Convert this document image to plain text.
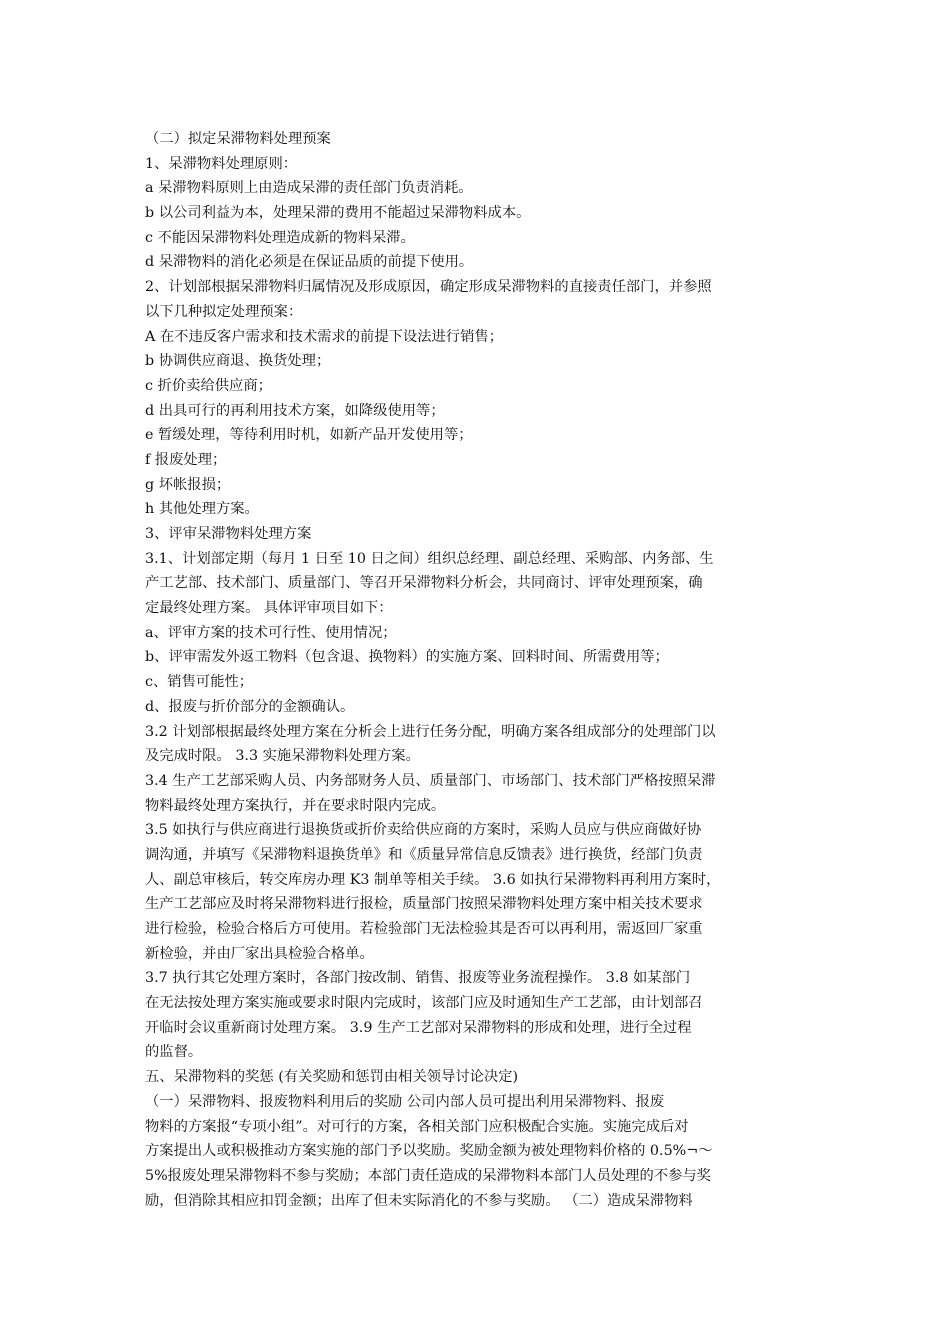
（二）拟定呆滞物料处理预案
1、呆滞物料处理原则：
a 呆滞物料原则上由造成呆滞的责任部门负责消耗。
b 以公司利益为本，处理呆滞的费用不能超过呆滞物料成本。
c 不能因呆滞物料处理造成新的物料呆滞。
d 呆滞物料的消化必须是在保证品质的前提下使用。
2、计划部根据呆滞物料归属情况及形成原因，确定形成呆滞物料的直接责任部门，并参照
以下几种拟定处理预案：
A 在不违反客户需求和技术需求的前提下设法进行销售；
b 协调供应商退、换货处理；
c 折价卖给供应商；
d 出具可行的再利用技术方案，如降级使用等；
e 暂缓处理，等待利用时机，如新产品开发使用等；
f 报废处理；
g 坏帐报损；
h 其他处理方案。
3、评审呆滞物料处理方案
3.1、计划部定期（每月 1 日至 10 日之间）组织总经理、副总经理、采购部、内务部、生
产工艺部、技术部门、质量部门、等召开呆滞物料分析会，共同商讨、评审处理预案，确
定最终处理方案。 具体评审项目如下：
a、评审方案的技术可行性、使用情况；
b、评审需发外返工物料（包含退、换物料）的实施方案、回料时间、所需费用等；
c、销售可能性；
d、报废与折价部分的金额确认。
3.2 计划部根据最终处理方案在分析会上进行任务分配，明确方案各组成部分的处理部门以
及完成时限。 3.3 实施呆滞物料处理方案。
3.4 生产工艺部采购人员、内务部财务人员、质量部门、市场部门、技术部门严格按照呆滞
物料最终处理方案执行，并在要求时限内完成。
3.5 如执行与供应商进行退换货或折价卖给供应商的方案时，采购人员应与供应商做好协
调沟通，并填写《呆滞物料退换货单》和《质量异常信息反馈表》进行换货，经部门负责
人、副总审核后，转交库房办理 K3 制单等相关手续。 3.6 如执行呆滞物料再利用方案时，
生产工艺部应及时将呆滞物料进行报检，质量部门按照呆滞物料处理方案中相关技术要求
进行检验，检验合格后方可使用。若检验部门无法检验其是否可以再利用，需返回厂家重
新检验，并由厂家出具检验合格单。
3.7 执行其它处理方案时，各部门按改制、销售、报废等业务流程操作。 3.8 如某部门
在无法按处理方案实施或要求时限内完成时，该部门应及时通知生产工艺部，由计划部召
开临时会议重新商讨处理方案。 3.9 生产工艺部对呆滞物料的形成和处理，进行全过程
的监督。
五、呆滞物料的奖惩 (有关奖励和惩罚由相关领导讨论决定)
（一）呆滞物料、报废物料利用后的奖励 公司内部人员可提出利用呆滞物料、报废
物料的方案报“专项小组”。对可行的方案，各相关部门应积极配合实施。实施完成后对
方案提出人或积极推动方案实施的部门予以奖励。奖励金额为被处理物料价格的 0.5%¬～
5%报废处理呆滞物料不参与奖励；本部门责任造成的呆滞物料本部门人员处理的不参与奖
励，但消除其相应扣罚金额；出库了但未实际消化的不参与奖励。 （二）造成呆滞物料
